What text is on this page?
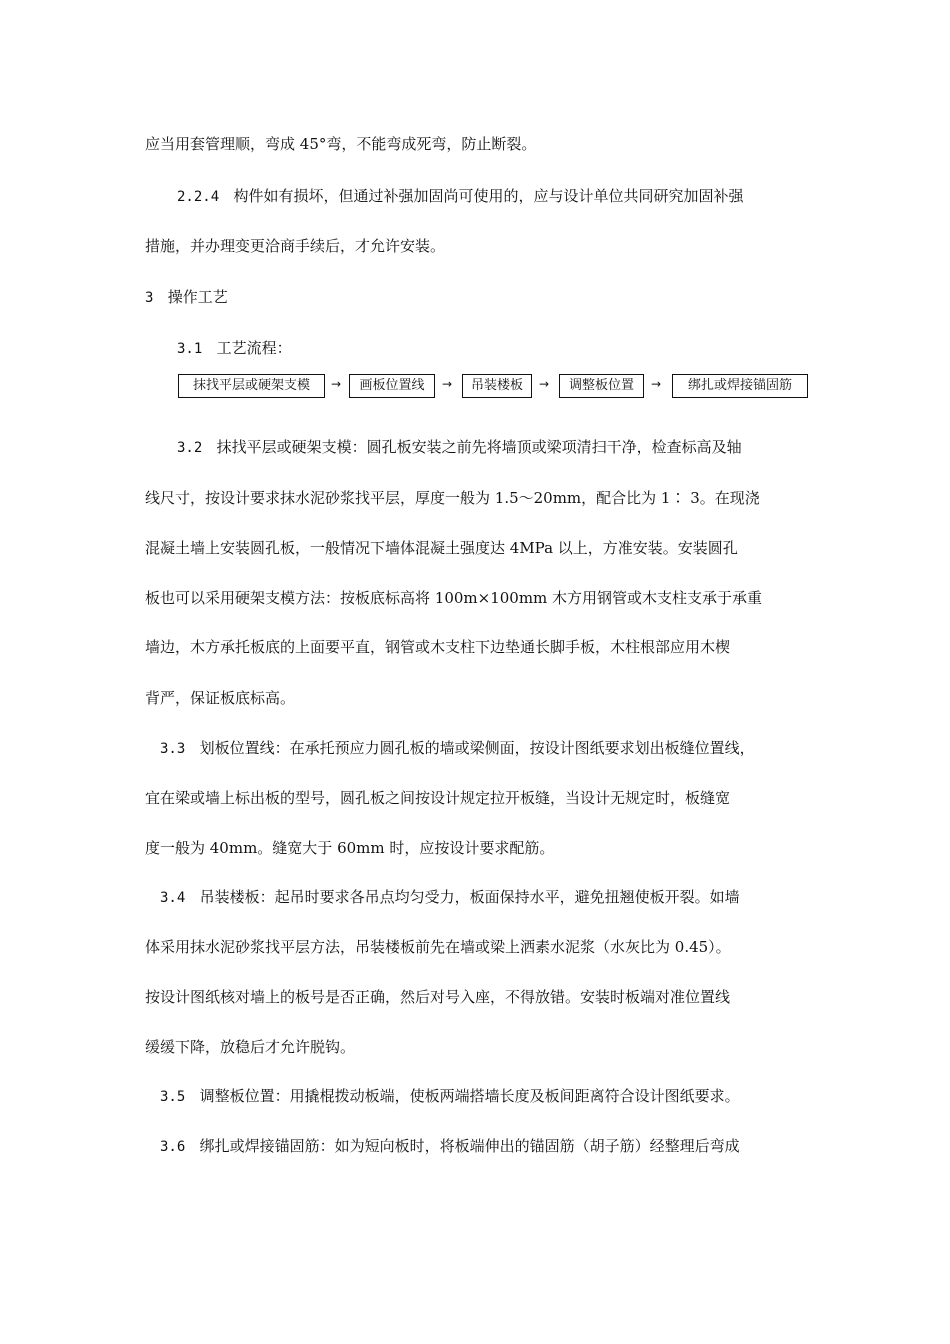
应当用套管理顺，弯成 45°弯，不能弯成死弯，防止断裂。
2.2.4 构件如有损坏，但通过补强加固尚可使用的，应与设计单位共同研究加固补强
措施，并办理变更洽商手续后，才允许安装。
3 操作工艺
3.1 工艺流程：
抹找平层或硬架支模	→	画板位置线	→	吊装楼板	→	调整板位置	→	绑扎或焊接锚固筋
3.2 抹找平层或硬架支模：圆孔板安装之前先将墙顶或梁项清扫干净，检查标高及轴
线尺寸，按设计要求抹水泥砂浆找平层，厚度一般为 1.5～20mm，配合比为 1∶ 3。在现浇
混凝土墙上安装圆孔板，一般情况下墙体混凝土强度达 4MPa 以上，方准安装。安装圆孔
板也可以采用硬架支模方法：按板底标高将 100m×100mm 木方用钢管或木支柱支承于承重
墙边，木方承托板底的上面要平直，钢管或木支柱下边垫通长脚手板，木柱根部应用木楔
背严，保证板底标高。
3.3 划板位置线：在承托预应力圆孔板的墙或梁侧面，按设计图纸要求划出板缝位置线，
宜在梁或墙上标出板的型号，圆孔板之间按设计规定拉开板缝，当设计无规定时，板缝宽
度一般为 40mm。缝宽大于 60mm 时，应按设计要求配筋。
3.4 吊装楼板：起吊时要求各吊点均匀受力，板面保持水平，避免扭翘使板开裂。如墙
体采用抹水泥砂浆找平层方法，吊装楼板前先在墙或梁上洒素水泥浆（水灰比为 0.45）。
按设计图纸核对墙上的板号是否正确，然后对号入座，不得放错。安装时板端对准位置线
缓缓下降，放稳后才允许脱钩。
3.5 调整板位置：用撬棍拨动板端，使板两端搭墙长度及板间距离符合设计图纸要求。
3.6 绑扎或焊接锚固筋：如为短向板时，将板端伸出的锚固筋（胡子筋）经整理后弯成
